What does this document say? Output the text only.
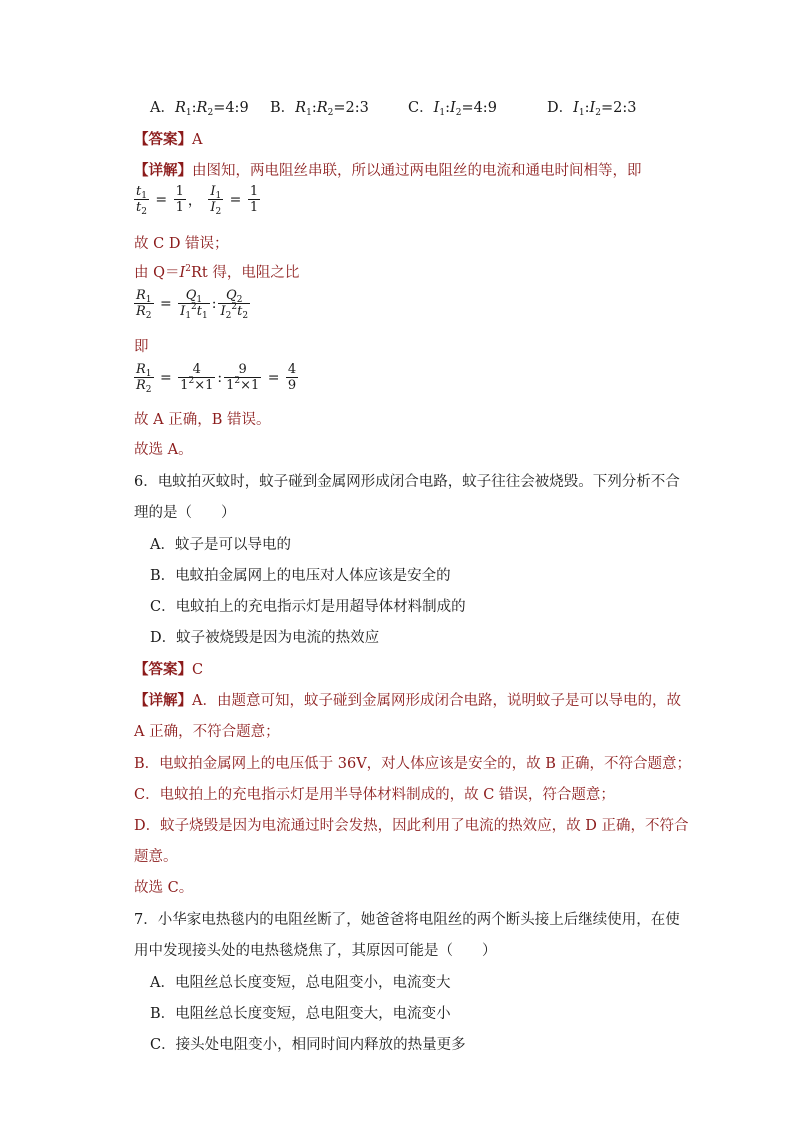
A．$R_1:R_2=4:9$ B．$R_1:R_2=2:3$	C．$I_1:I_2=4:9$	D．$I_1:I_2=2:3$
【答案】A
【详解】由图知，两电阻丝串联，所以通过两电阻丝的电流和通电时间相等，即
$\frac{t_1}{t_2} = \frac{1}{1}$ ， $\frac{I_1}{I_2} = \frac{1}{1}$
故 C D 错误；
由 $Q=I^2Rt$ 得，电阻之比
$\frac{R_1}{R_2} = \frac{Q_1}{I_1^2t_1}$ : $\frac{Q_2}{I_2^2t_2}$
即
$\frac{R_1}{R_2} = \frac{4}{1^2\times 1}$ : $\frac{9}{1^2\times 1} = \frac{4}{9}$
故 A 正确，B 错误。
故选 A。
6．电蚊拍灭蚊时，蚊子碰到金属网形成闭合电路，蚊子往往会被烧毁。下列分析不合
理的是（　　）
A．蚊子是可以导电的
B．电蚊拍金属网上的电压对人体应该是安全的
C．电蚊拍上的充电指示灯是用超导体材料制成的
D．蚊子被烧毁是因为电流的热效应
【答案】C
【详解】A．由题意可知，蚊子碰到金属网形成闭合电路，说明蚊子是可以导电的，故
A 正确，不符合题意；
B．电蚊拍金属网上的电压低于 36V，对人体应该是安全的，故 B 正确，不符合题意；
C．电蚊拍上的充电指示灯是用半导体材料制成的，故 C 错误，符合题意；
D．蚊子烧毁是因为电流通过时会发热，因此利用了电流的热效应，故 D 正确，不符合
题意。
故选 C。
7．小华家电热毯内的电阻丝断了，她爸爸将电阻丝的两个断头接上后继续使用，在使
用中发现接头处的电热毯烧焦了，其原因可能是（　　）
A．电阻丝总长度变短，总电阻变小，电流变大
B．电阻丝总长度变短，总电阻变大，电流变小
C．接头处电阻变小，相同时间内释放的热量更多
